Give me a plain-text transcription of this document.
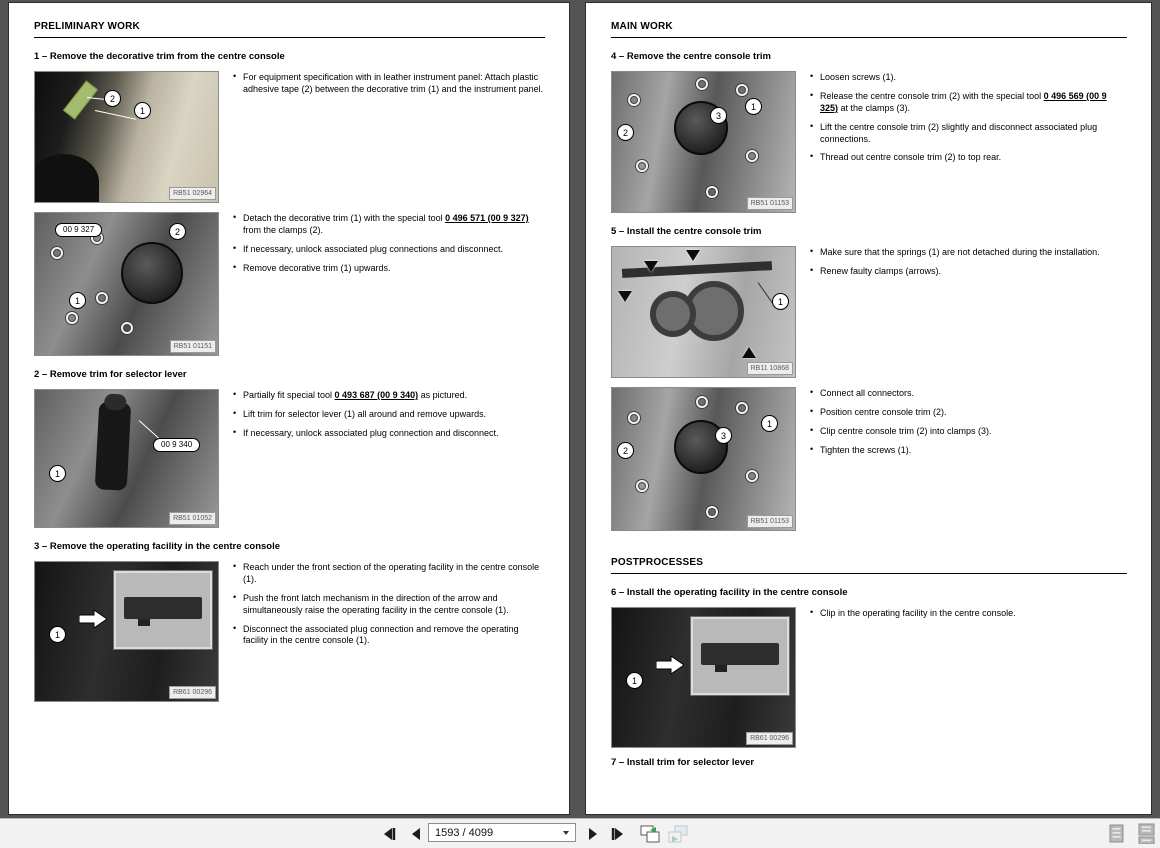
PRELIMINARY WORK
1 – Remove the decorative trim from the centre console
2
1
RB51 02964
• For equipment specification with in leather instrument panel: Attach plastic adhesive tape (2) between the decorative trim (1) and the instrument panel.
00 9 327	2
1
RB51 01151
• Detach the decorative trim (1) with the special tool 0 496 571 (00 9 327) from the clamps (2).
• If necessary, unlock associated plug connections and disconnect.
• Remove decorative trim (1) upwards.
2 – Remove trim for selector lever
00 9 340
1
RB51 01052
• Partially fit special tool 0 493 687 (00 9 340) as pictured.
• Lift trim for selector lever (1) all around and remove upwards.
• If necessary, unlock associated plug connection and disconnect.
3 – Remove the operating facility in the centre console
1
RB61 00296
• Reach under the front section of the operating facility in the centre console (1).
• Push the front latch mechanism in the direction of the arrow and simultaneously raise the operating facility in the centre console (1).
• Disconnect the associated plug connection and remove the operating facility in the centre console (1).
MAIN WORK
4 – Remove the centre console trim
2
3
1
RB51 01153
• Loosen screws (1).
• Release the centre console trim (2) with the special tool 0 496 569 (00 9 325) at the clamps (3).
• Lift the centre console trim (2) slightly and disconnect associated plug connections.
• Thread out centre console trim (2) to top rear.
5 – Install the centre console trim
1
RB11 10868
• Make sure that the springs (1) are not detached during the installation.
• Renew faulty clamps (arrows).
2
3
1
RB51 01153
• Connect all connectors.
• Position centre console trim (2).
• Clip centre console trim (2) into clamps (3).
• Tighten the screws (1).
POSTPROCESSES
6 – Install the operating facility in the centre console
1
RB61 00296
• Clip in the operating facility in the centre console.
7 – Install trim for selector lever
1593 / 4099
